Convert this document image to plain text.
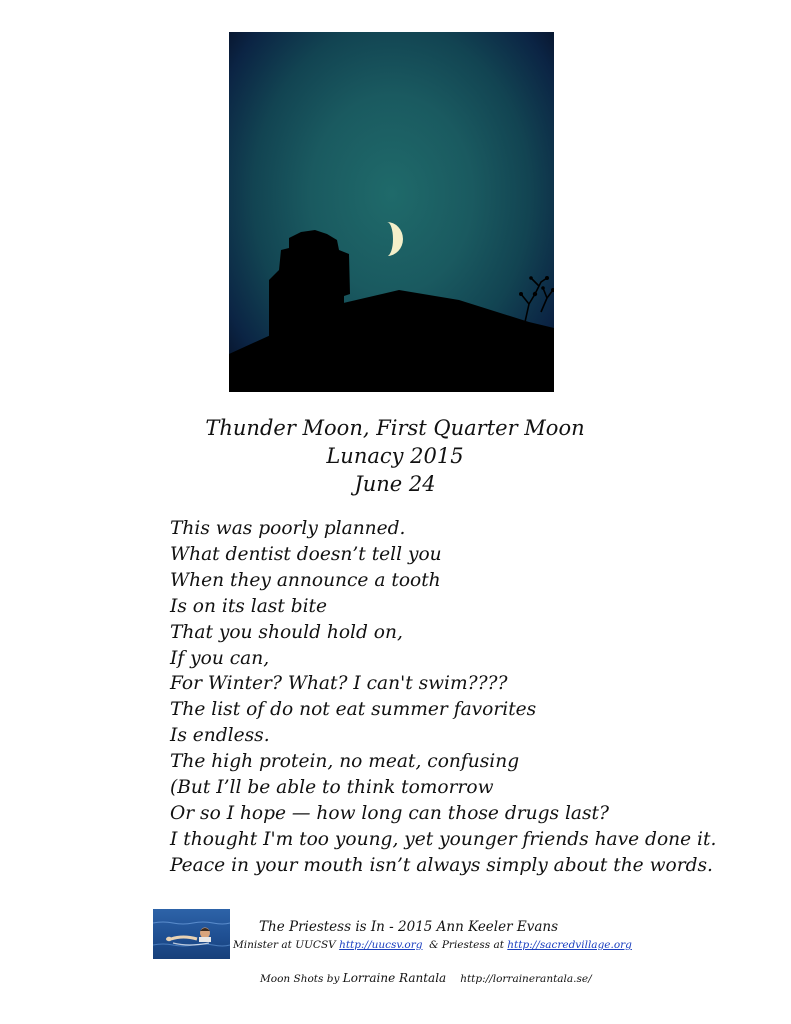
Thunder Moon, First Quarter Moon
Lunacy 2015
June 24
This was poorly planned.
What dentist doesn’t tell you
When they announce a tooth
Is on its last bite
That you should hold on,
If you can,
For Winter? What? I can't swim????
The list of do not eat summer favorites
Is endless.
The high protein, no meat, confusing
(But I’ll be able to think tomorrow
Or so I hope — how long can those drugs last?
I thought I'm too young, yet younger friends have done it.
Peace in your mouth isn’t always simply about the words.
The Priestess is In - 2015 Ann Keeler Evans
Minister at UUCSV http://uucsv.org  & Priestess at http://sacredvillage.org
Moon Shots by Lorraine Rantala http://lorrainerantala.se/
